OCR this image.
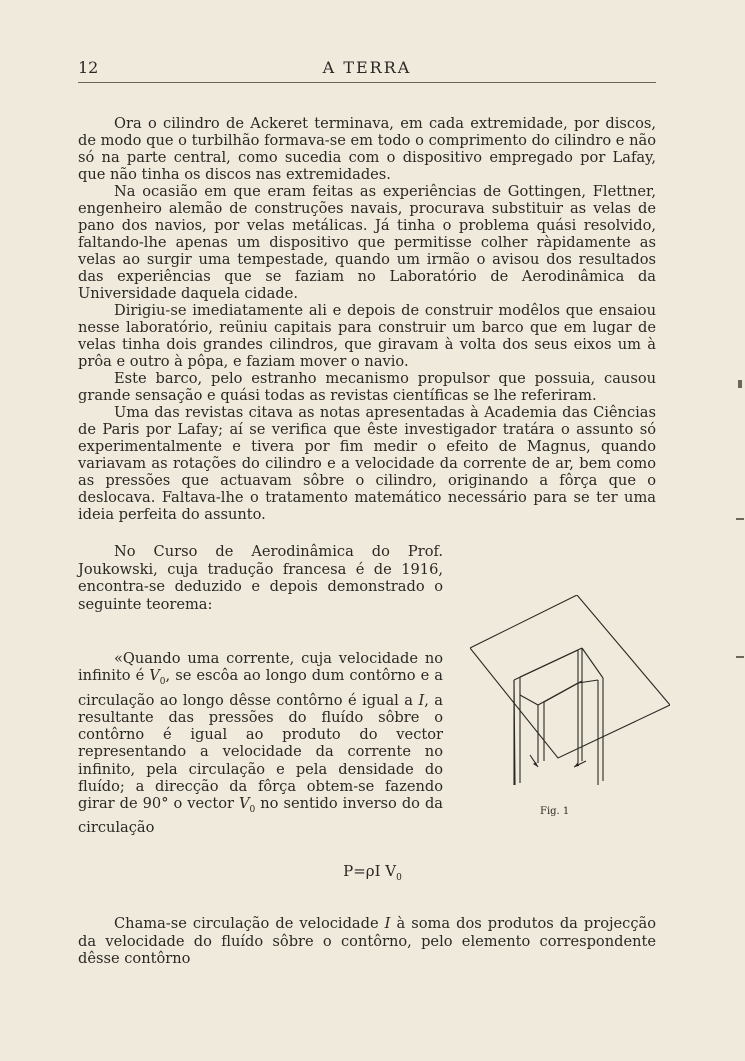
12	A TERRA

Ora o cilindro de Ackeret terminava, em cada extremidade, por discos, de modo que o turbilhão formava-se em todo o comprimento do cilindro e não só na parte central, como sucedia com o dispositivo empregado por Lafay, que não tinha os discos nas extremidades.

Na ocasião em que eram feitas as experiências de Gottingen, Flettner, engenheiro alemão de construções navais, procurava substituir as velas de pano dos navios, por velas metálicas. Já tinha o problema quási resolvido, faltando-lhe apenas um dispositivo que permitisse colher ràpidamente as velas ao surgir uma tempestade, quando um irmão o avisou dos resultados das experiências que se faziam no Laboratório de Aerodinâmica da Universidade daquela cidade.

Dirigiu-se imediatamente ali e depois de construir modêlos que ensaiou nesse laboratório, reüniu capitais para construir um barco que em lugar de velas tinha dois grandes cilindros, que giravam à volta dos seus eixos um à prôa e outro à pôpa, e faziam mover o navio.

Este barco, pelo estranho mecanismo propulsor que possuia, causou grande sensação e quási todas as revistas científicas se lhe referiram.

Uma das revistas citava as notas apresentadas à Academia das Ciências de Paris por Lafay; aí se verifica que êste investigador tratára o assunto só experimentalmente e tivera por fim medir o efeito de Magnus, quando variavam as rotações do cilindro e a velocidade da corrente de ar, bem como as pressões que actuavam sôbre o cilindro, originando a fôrça que o deslocava. Faltava-lhe o tratamento matemático necessário para se ter uma ideia perfeita do assunto.

No Curso de Aerodinâmica do Prof. Joukowski, cuja tradução francesa é de 1916, encontra-se deduzido e depois demonstrado o seguinte teorema:

«Quando uma corrente, cuja velocidade no infinito é $V_0$, se escôa ao longo dum contôrno e a circulação ao longo dêsse contôrno é igual a I, a resultante das pressões do fluído sôbre o contôrno é igual ao produto do vector representando a velocidade da corrente no infinito, pela circulação e pela densidade do fluído; a direcção da fôrça obtem-se fazendo girar de 90° o vector $V_0$ no sentido inverso do da circulação

Fig. 1
P=ρI $V_0$

Chama-se circulação de velocidade I à soma dos produtos da projecção da velocidade do fluído sôbre o contôrno, pelo elemento correspondente dêsse contôrno
